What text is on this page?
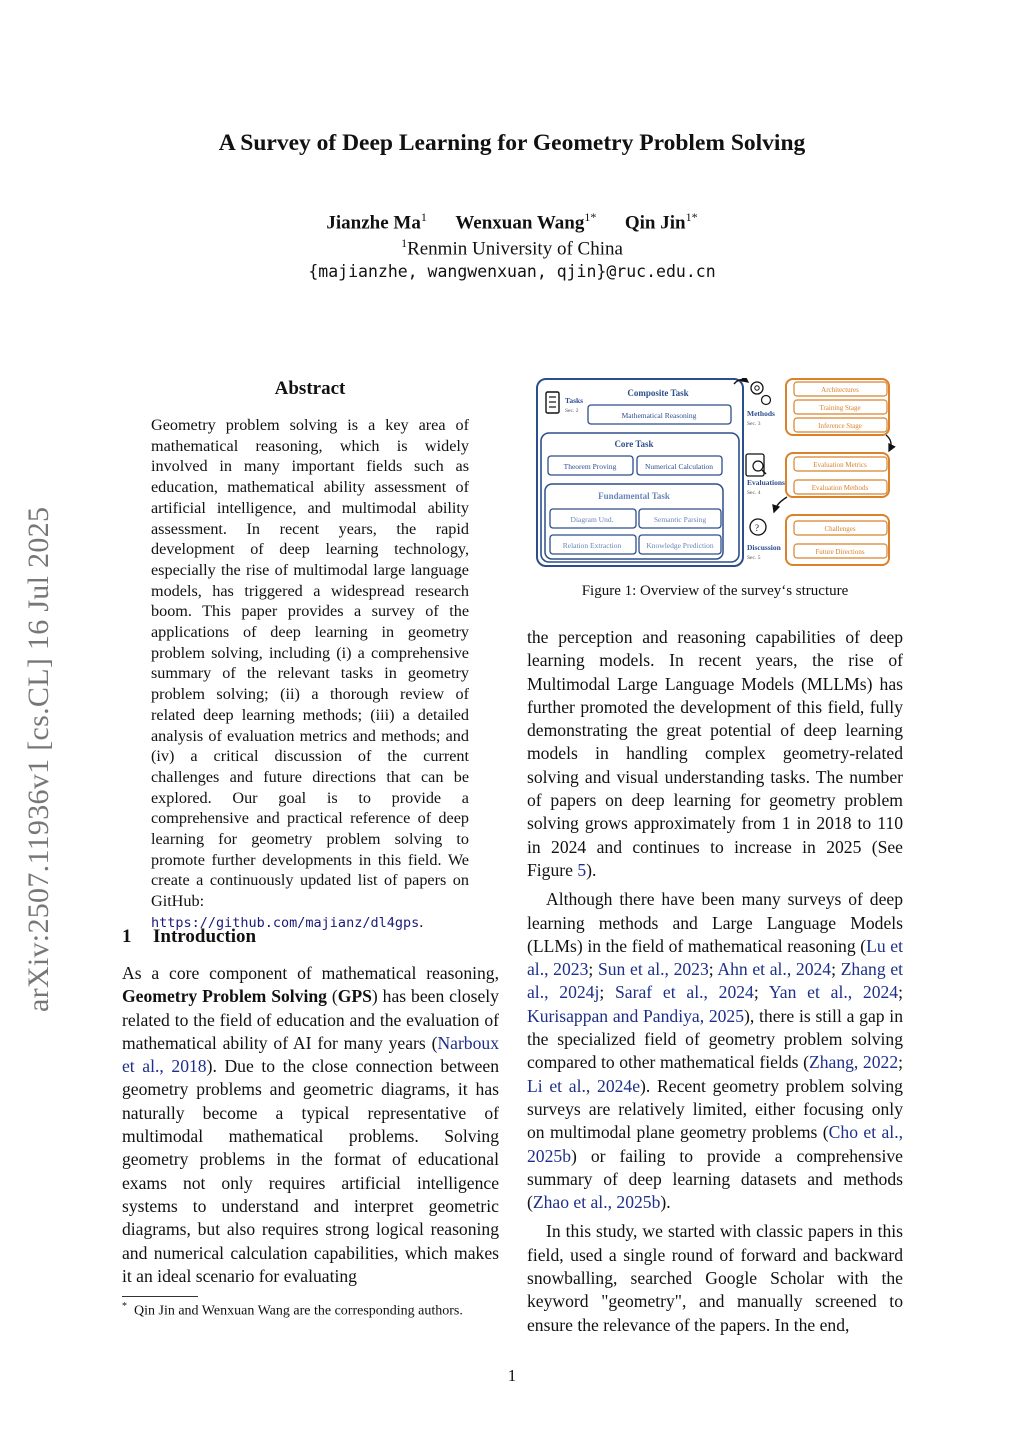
A Survey of Deep Learning for Geometry Problem Solving
Jianzhe Ma$^1$ Wenxuan Wang$^{1*}$ Qin Jin$^{1*}$
$^1$Renmin University of China
{majianzhe, wangwenxuan, qjin}@ruc.edu.cn
arXiv:2507.11936v1 [cs.CL] 16 Jul 2025
Abstract
Geometry problem solving is a key area of mathematical reasoning, which is widely involved in many important fields such as education, mathematical ability assessment of artificial intelligence, and multimodal ability assessment. In recent years, the rapid development of deep learning technology, especially the rise of multimodal large language models, has triggered a widespread research boom. This paper provides a survey of the applications of deep learning in geometry problem solving, including (i) a comprehensive summary of the relevant tasks in geometry problem solving; (ii) a thorough review of related deep learning methods; (iii) a detailed analysis of evaluation metrics and methods; and (iv) a critical discussion of the current challenges and future directions that can be explored. Our goal is to provide a comprehensive and practical reference of deep learning for geometry problem solving to promote further developments in this field. We create a continuously updated list of papers on GitHub: https://github.com/majianz/dl4gps.
1 Introduction
As a core component of mathematical reasoning, Geometry Problem Solving (GPS) has been closely related to the field of education and the evaluation of mathematical ability of AI for many years (Narboux et al., 2018). Due to the close connection between geometry problems and geometric diagrams, it has naturally become a typical representative of multimodal mathematical problems. Solving geometry problems in the format of educational exams not only requires artificial intelligence systems to understand and interpret geometric diagrams, but also requires strong logical reasoning and numerical calculation capabilities, which makes it an ideal scenario for evaluating
* Qin Jin and Wenxuan Wang are the corresponding authors.
Tasks
Sec. 2
Composite Task
Mathematical Reasoning
Core Task
Theorem Proving	Numerical Calculation
Fundamental Task
Diagram Und.	Semantic Parsing
Relation Extraction	Knowledge Prediction
Methods
Sec. 3
Architectures
Training Stage
Inference Stage
Evaluations
Sec. 4
Evaluation Metrics
Evaluation Methods
?
Discussion
Sec. 5
Challenges
Future Directions
Figure 1: Overview of the survey‘s structure

the perception and reasoning capabilities of deep learning models. In recent years, the rise of Multimodal Large Language Models (MLLMs) has further promoted the development of this field, fully demonstrating the great potential of deep learning models in handling complex geometry-related solving and visual understanding tasks. The number of papers on deep learning for geometry problem solving grows approximately from 1 in 2018 to 110 in 2024 and continues to increase in 2025 (See Figure 5).

Although there have been many surveys of deep learning methods and Large Language Models (LLMs) in the field of mathematical reasoning (Lu et al., 2023; Sun et al., 2023; Ahn et al., 2024; Zhang et al., 2024j; Saraf et al., 2024; Yan et al., 2024; Kurisappan and Pandiya, 2025), there is still a gap in the specialized field of geometry problem solving compared to other mathematical fields (Zhang, 2022; Li et al., 2024e). Recent geometry problem solving surveys are relatively limited, either focusing only on multimodal plane geometry problems (Cho et al., 2025b) or failing to provide a comprehensive summary of deep learning datasets and methods (Zhao et al., 2025b).

In this study, we started with classic papers in this field, used a single round of forward and backward snowballing, searched Google Scholar with the keyword "geometry", and manually screened to ensure the relevance of the papers. In the end,

1
